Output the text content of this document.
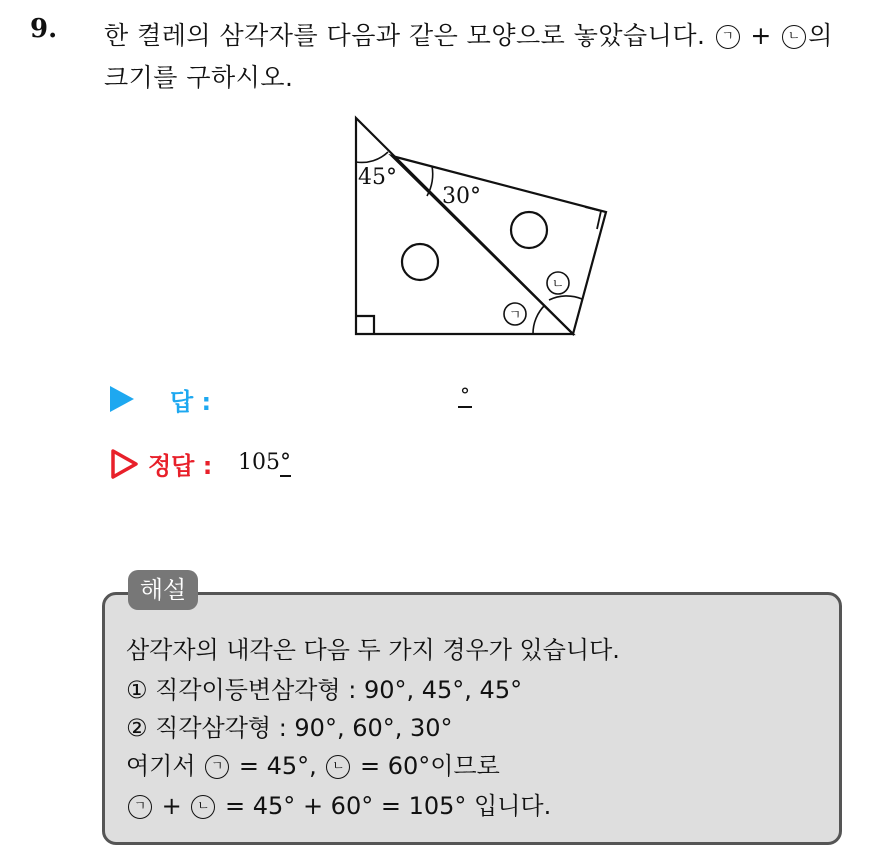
9. 한 켤레의 삼각자를 다음과 같은 모양으로 놓았습니다. ㄱ + ㄴ 의
크기를 구하시오.
45°
30°
ㄱ
ㄴ
답 :	°
정답 : 105°
해설
삼각자의 내각은 다음 두 가지 경우가 있습니다.
① 직각이등변삼각형 : 90°, 45°, 45°
② 직각삼각형 : 90°, 60°, 30°
여기서 ㄱ = 45°, ㄴ = 60°이므로
ㄱ + ㄴ = 45° + 60° = 105° 입니다.
